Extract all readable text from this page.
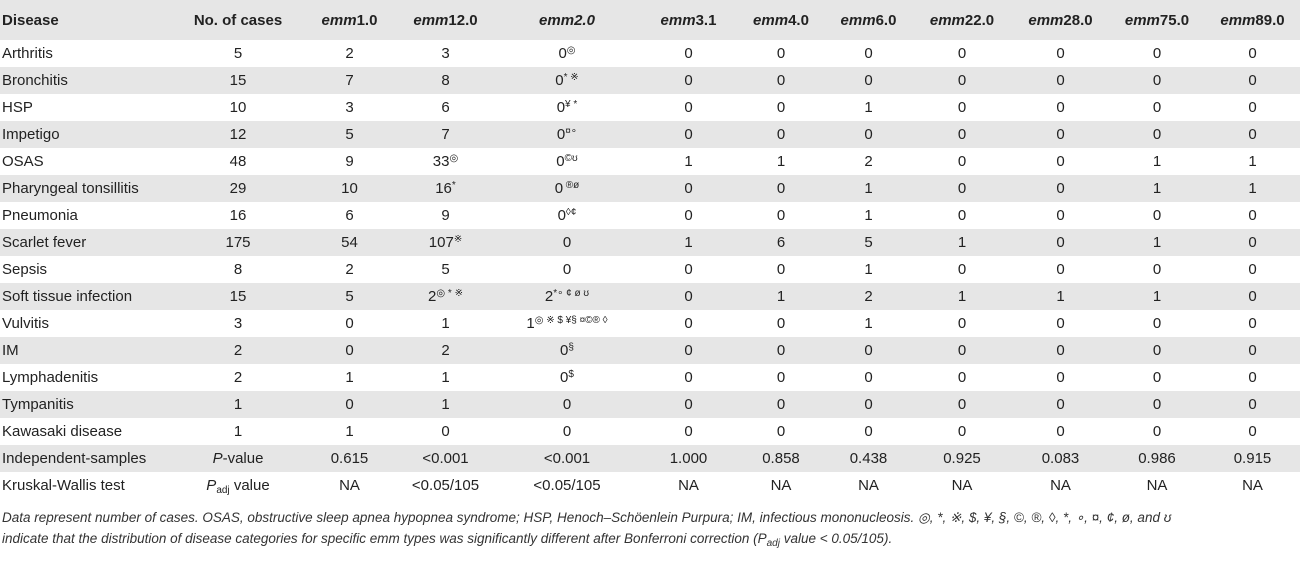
Disease	No. of cases	emm1.0	emm12.0	emm2.0	emm3.1	emm4.0	emm6.0	emm22.0	emm28.0	emm75.0	emm89.0
Arthritis	5	2	3	0◎	0	0	0	0	0	0	0
Bronchitis	15	7	8	0* ※	0	0	0	0	0	0	0
HSP	10	3	6	0¥ *	0	0	1	0	0	0	0
Impetigo	12	5	7	0¤∘	0	0	0	0	0	0	0
OSAS	48	9	33◎	$0^{©ʊ}$	1	1	2	0	0	1	1
Pharyngeal tonsillitis	29	10	16*	0 $^{®ø}$	0	0	1	0	0	1	1
Pneumonia	16	6	9	0◊¢	0	0	1	0	0	0	0
Scarlet fever	175	54	107※	0	1	6	5	1	0	1	0
Sepsis	8	2	5	0	0	0	1	0	0	0	0
Soft tissue infection	15	5	2◎ * ※	$2^{*\circ ¢ ø ʊ}$	0	1	2	1	1	1	0
Vulvitis	3	0	1	1◎ ※ $ ¥§ ¤©® ◊	0	0	1	0	0	0	0
IM	2	0	2	0§	0	0	0	0	0	0	0
Lymphadenitis	2	1	1	0$	0	0	0	0	0	0	0
Tympanitis	1	0	1	0	0	0	0	0	0	0	0
Kawasaki disease	1	1	0	0	0	0	0	0	0	0	0
Independent-samples	P-value	0.615	<0.001	<0.001	1.000	0.858	0.438	0.925	0.083	0.986	0.915
Kruskal-Wallis test	$P_{adj}$ value	NA	<0.05/105	<0.05/105	NA	NA	NA	NA	NA	NA	NA
Data represent number of cases. OSAS, obstructive sleep apnea hypopnea syndrome; HSP, Henoch–Schöenlein Purpura; IM, infectious mononucleosis. ◎, *, ※, $, ¥, §, ©, ®, ◊, *, ∘, ¤, ¢, ø, and ʊ indicate that the distribution of disease categories for specific emm types was significantly different after Bonferroni correction ($P_{adj}$ value < 0.05/105).
